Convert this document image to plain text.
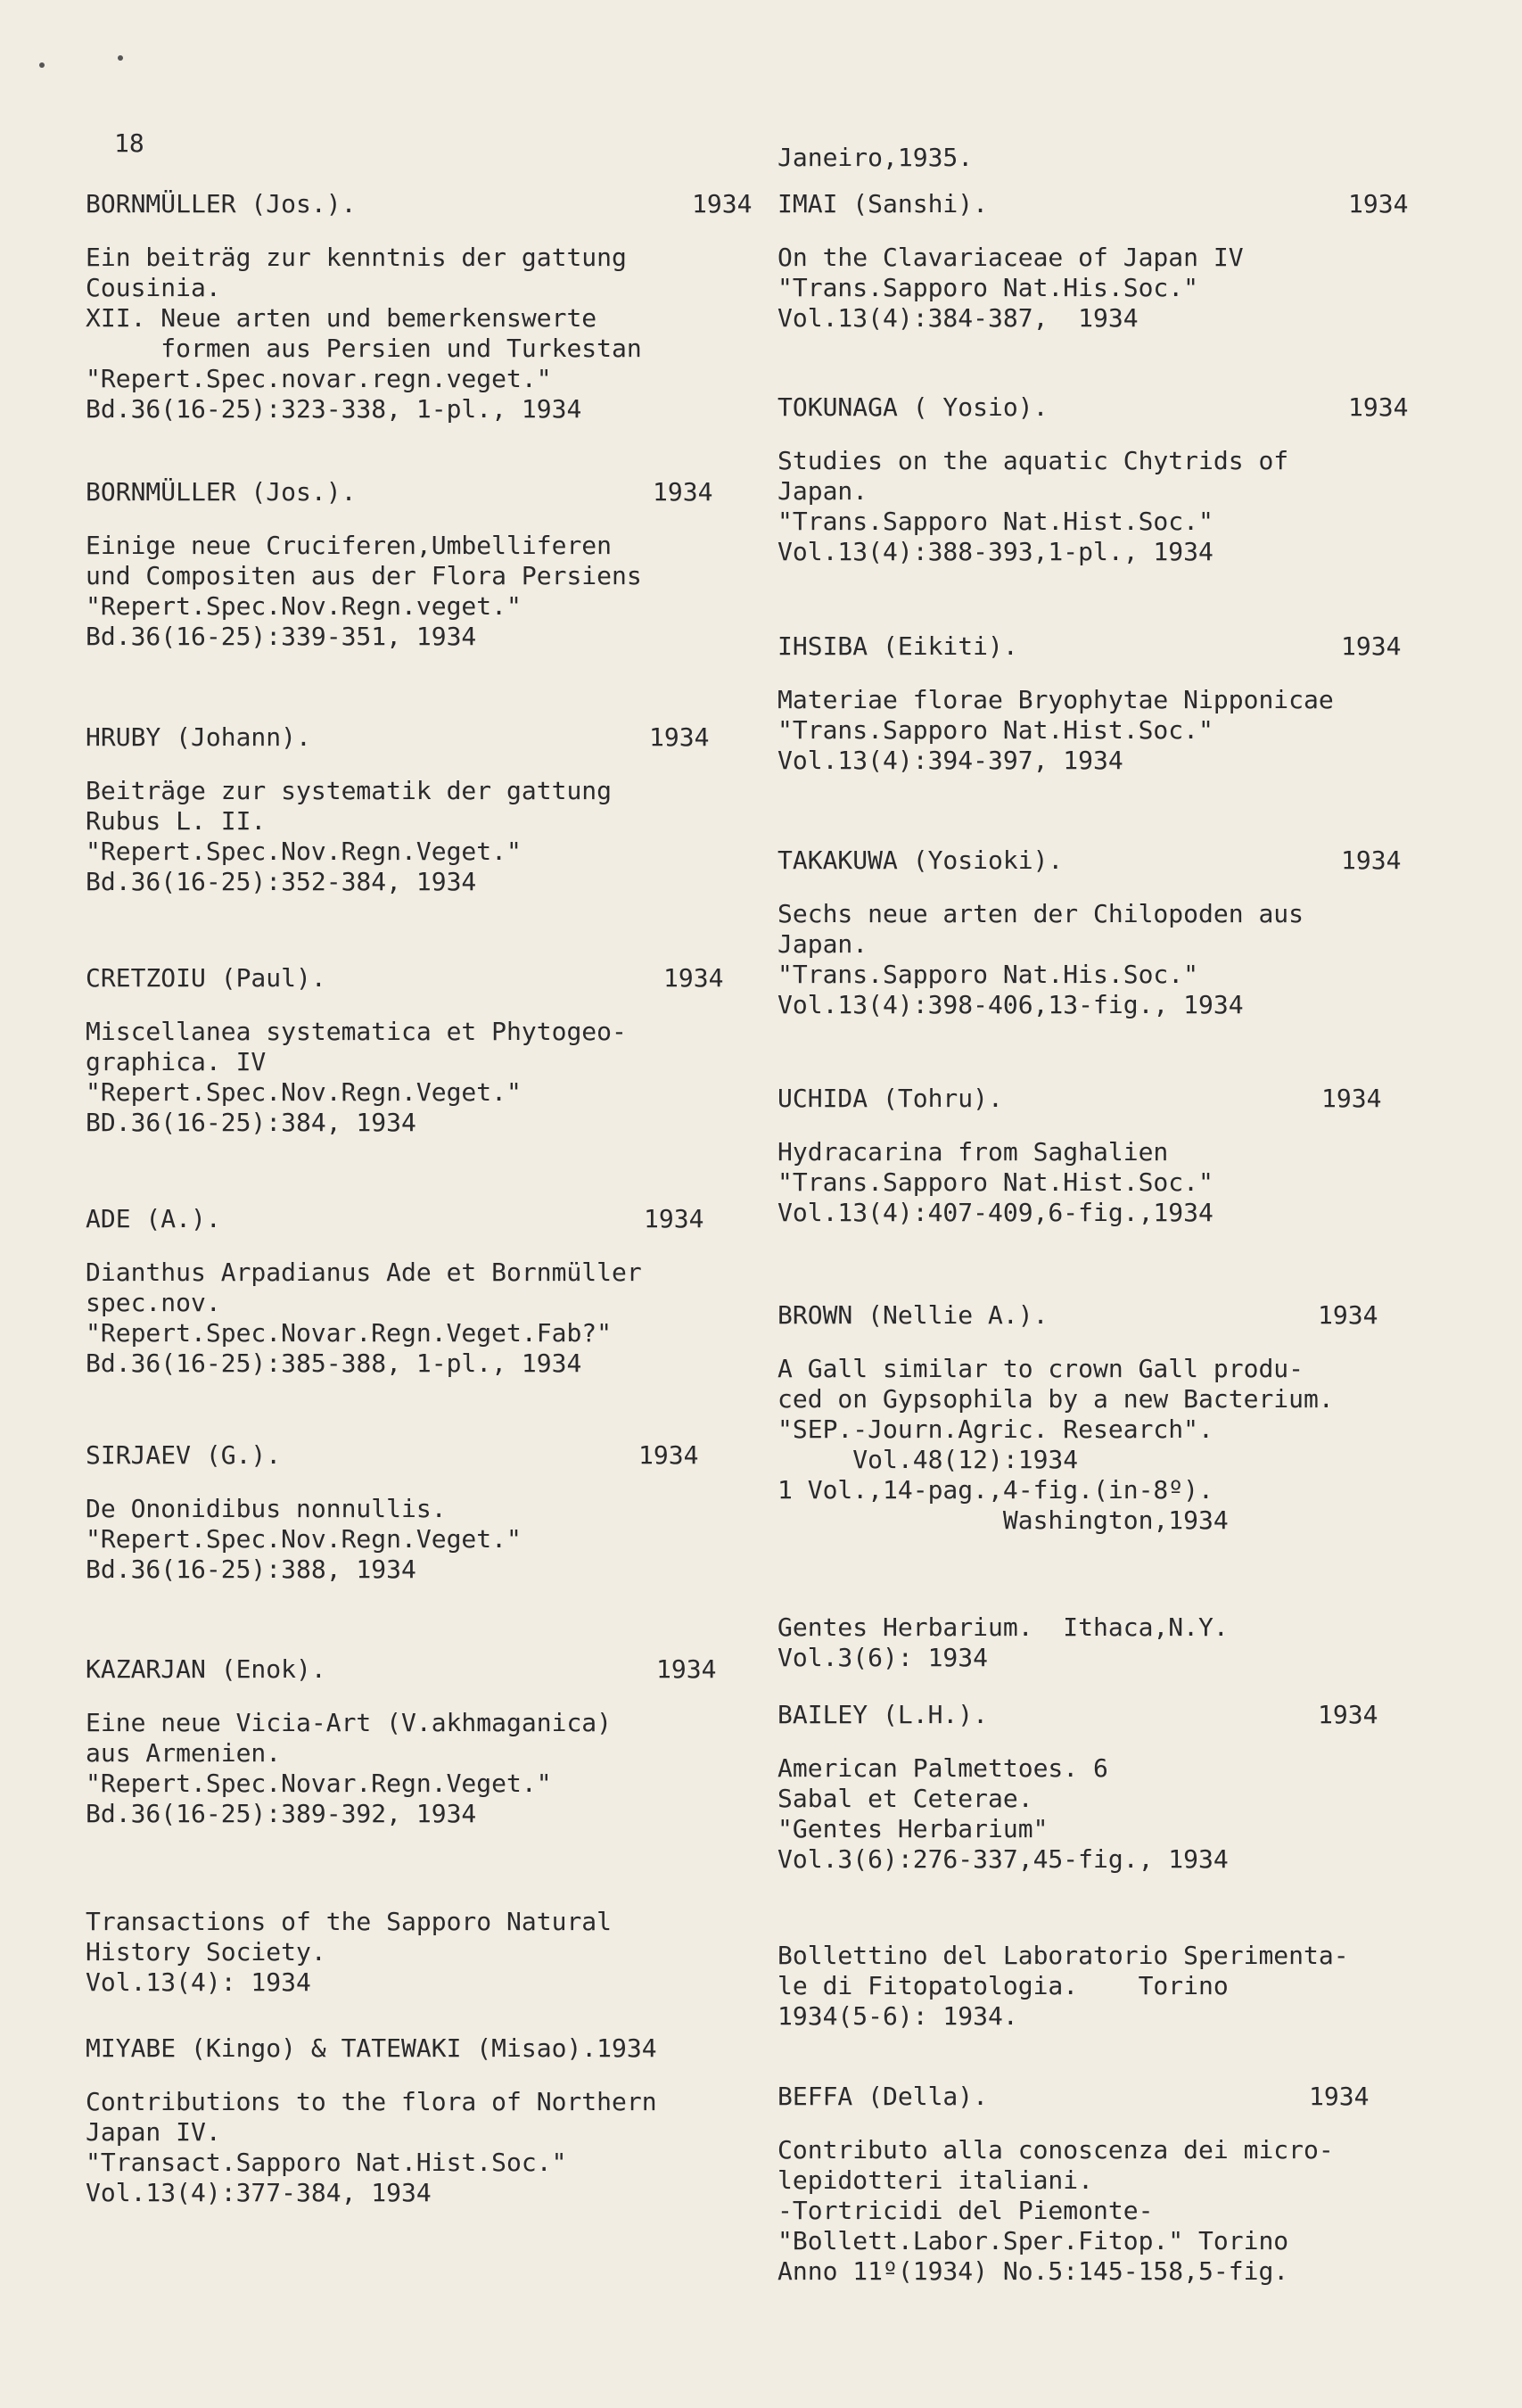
18
BORNMÜLLER (Jos.).	1934
Ein beiträg zur kenntnis der gattung
Cousinia.
XII. Neue arten und bemerkenswerte
formen aus Persien und Turkestan
"Repert.Spec.novar.regn.veget."
Bd.36(16-25):323-338, 1-pl., 1934
BORNMÜLLER (Jos.).	1934
Einige neue Cruciferen,Umbelliferen
und Compositen aus der Flora Persiens
"Repert.Spec.Nov.Regn.veget."
Bd.36(16-25):339-351, 1934
HRUBY (Johann).	1934
Beiträge zur systematik der gattung
Rubus L. II.
"Repert.Spec.Nov.Regn.Veget."
Bd.36(16-25):352-384, 1934
CRETZOIU (Paul).	1934
Miscellanea systematica et Phytogeo-
graphica. IV
"Repert.Spec.Nov.Regn.Veget."
BD.36(16-25):384, 1934
ADE (A.).	1934
Dianthus Arpadianus Ade et Bornmüller
spec.nov.
"Repert.Spec.Novar.Regn.Veget.Fab?"
Bd.36(16-25):385-388, 1-pl., 1934
SIRJAEV (G.).	1934
De Ononidibus nonnullis.
"Repert.Spec.Nov.Regn.Veget."
Bd.36(16-25):388, 1934
KAZARJAN (Enok).	1934
Eine neue Vicia-Art (V.akhmaganica)
aus Armenien.
"Repert.Spec.Novar.Regn.Veget."
Bd.36(16-25):389-392, 1934
Transactions of the Sapporo Natural
History Society.
Vol.13(4): 1934
MIYABE (Kingo) & TATEWAKI (Misao).1934
Contributions to the flora of Northern
Japan IV.
"Transact.Sapporo Nat.Hist.Soc."
Vol.13(4):377-384, 1934
Janeiro,1935.
IMAI (Sanshi).	1934
On the Clavariaceae of Japan IV
"Trans.Sapporo Nat.His.Soc."
Vol.13(4):384-387,  1934
TOKUNAGA ( Yosio).	1934
Studies on the aquatic Chytrids of
Japan.
"Trans.Sapporo Nat.Hist.Soc."
Vol.13(4):388-393,1-pl., 1934
IHSIBA (Eikiti).	1934
Materiae florae Bryophytae Nipponicae
"Trans.Sapporo Nat.Hist.Soc."
Vol.13(4):394-397, 1934
TAKAKUWA (Yosioki).	1934
Sechs neue arten der Chilopoden aus
Japan.
"Trans.Sapporo Nat.His.Soc."
Vol.13(4):398-406,13-fig., 1934
UCHIDA (Tohru).	1934
Hydracarina from Saghalien
"Trans.Sapporo Nat.Hist.Soc."
Vol.13(4):407-409,6-fig.,1934
BROWN (Nellie A.).	1934
A Gall similar to crown Gall produ-
ced on Gypsophila by a new Bacterium.
"SEP.-Journ.Agric. Research".
Vol.48(12):1934
1 Vol.,14-pag.,4-fig.(in-8º).
Washington,1934
Gentes Herbarium.  Ithaca,N.Y.
Vol.3(6): 1934
BAILEY (L.H.).	1934
American Palmettoes. 6
Sabal et Ceterae.
"Gentes Herbarium"
Vol.3(6):276-337,45-fig., 1934
Bollettino del Laboratorio Sperimenta-
le di Fitopatologia.    Torino
1934(5-6): 1934.
BEFFA (Della).	1934
Contributo alla conoscenza dei micro-
lepidotteri italiani.
-Tortricidi del Piemonte-
"Bollett.Labor.Sper.Fitop." Torino
Anno 11º(1934) No.5:145-158,5-fig.
